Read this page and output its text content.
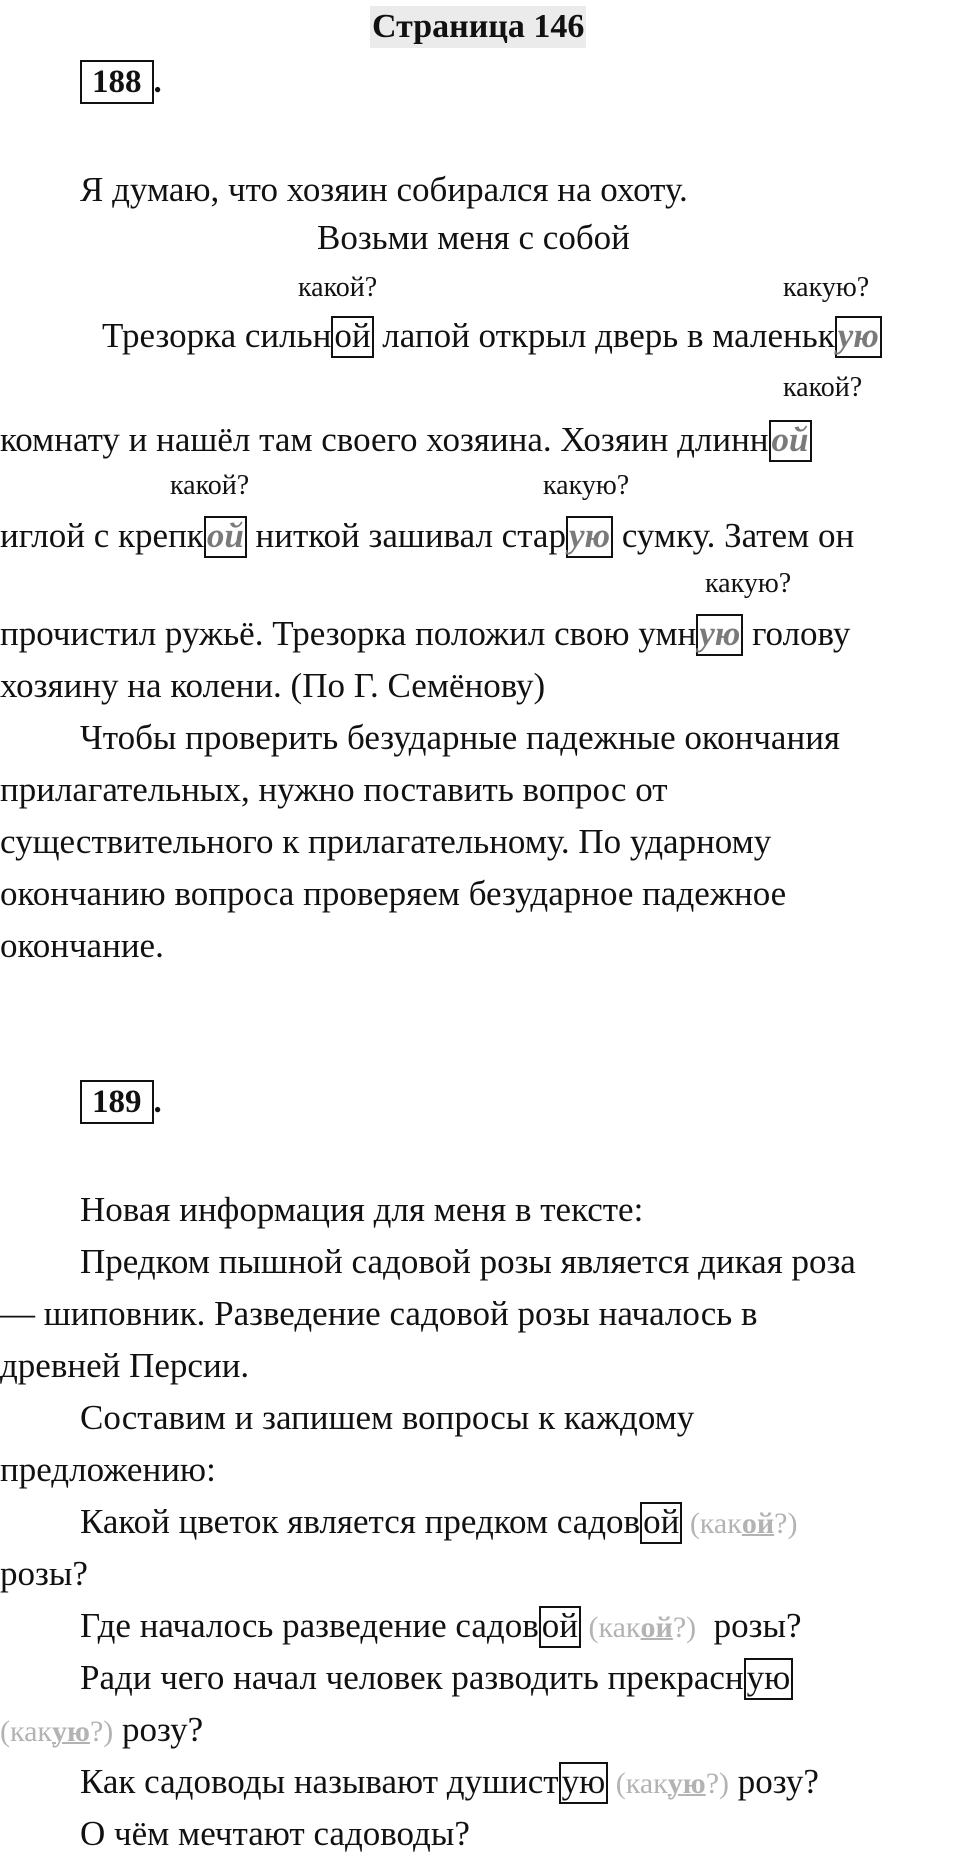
Страница 146
188 .
Я думаю, что хозяин собирался на охоту.
Возьми меня с собой
какой?	какую?
Трезорка сильной лапой открыл дверь в маленькую
какой?
комнату и нашёл там своего хозяина. Хозяин длинной
какой?	какую?
иглой с крепкой ниткой зашивал старую сумку. Затем он
какую?
прочистил ружьё. Трезорка положил свою умную голову
хозяину на колени. (По Г. Семёнову)
Чтобы проверить безударные падежные окончания
прилагательных, нужно поставить вопрос от
существительного к прилагательному. По ударному
окончанию вопроса проверяем безударное падежное
окончание.
189 .
Новая информация для меня в тексте:
Предком пышной садовой розы является дикая роза
— шиповник. Разведение садовой розы началось в
древней Персии.
Составим и запишем вопросы к каждому
предложению:
Какой цветок является предком садовой (какой?)
розы?
Где началось разведение садовой (какой?)  розы?
Ради чего начал человек разводить прекрасную
(какую?) розу?
Как садоводы называют душистую (какую?) розу?
О чём мечтают садоводы?
